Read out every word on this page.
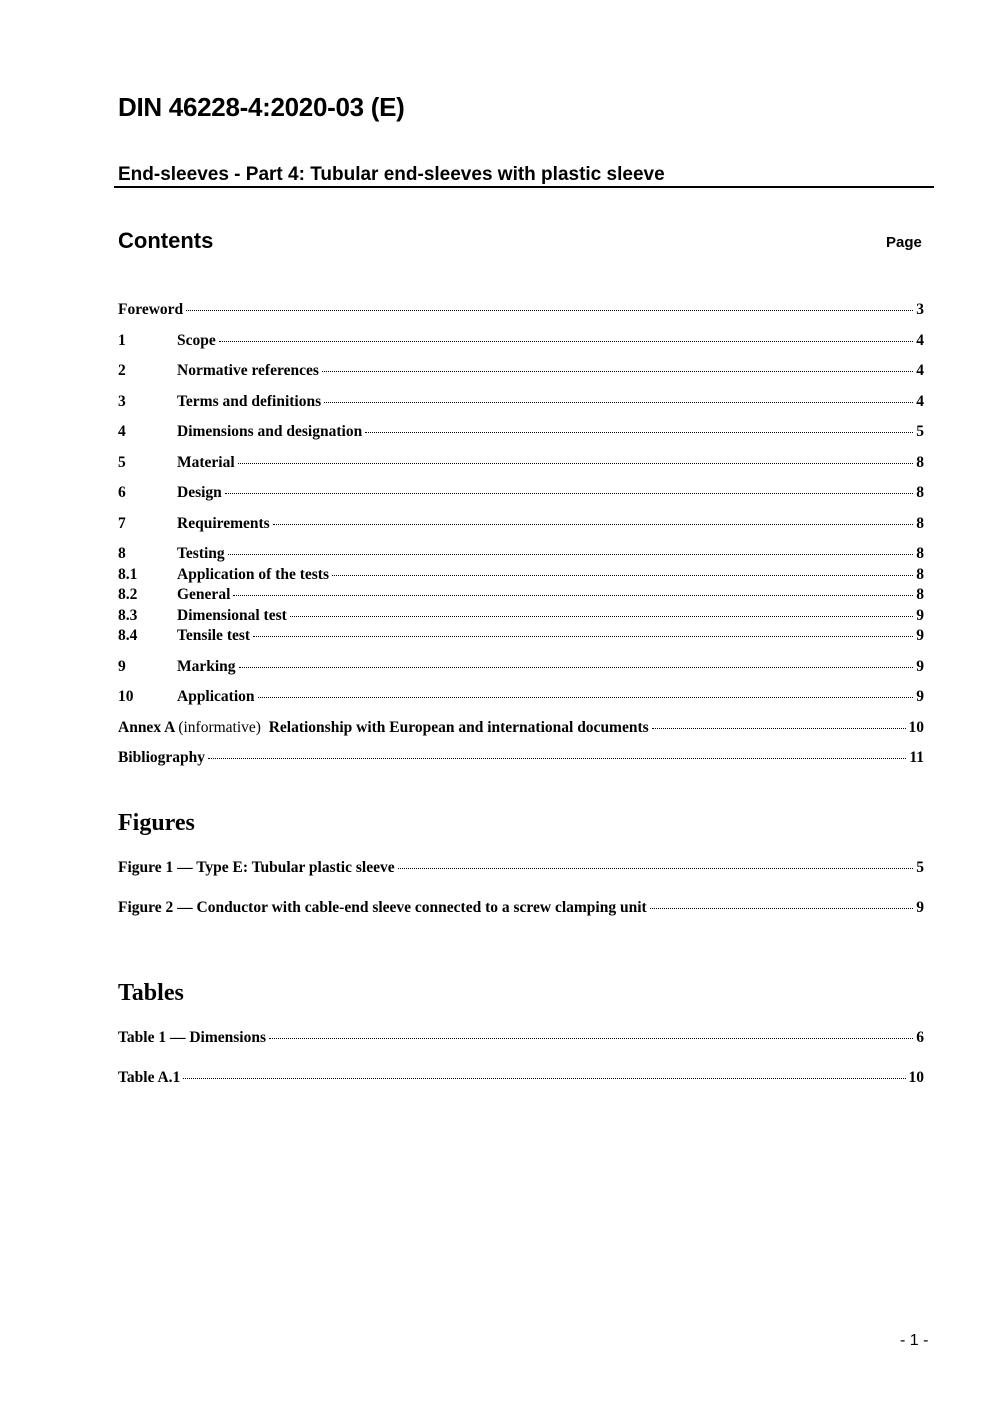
DIN 46228-4:2020-03 (E)
End-sleeves - Part 4: Tubular end-sleeves with plastic sleeve
Contents	Page
Foreword	3
1	Scope	4
2	Normative references	4
3	Terms and definitions	4
4	Dimensions and designation	5
5	Material	8
6	Design	8
7	Requirements	8
8	Testing	8
8.1	Application of the tests	8
8.2	General	8
8.3	Dimensional test	9
8.4	Tensile test	9
9	Marking	9
10	Application	9
Annex A (informative)  Relationship with European and international documents	10
Bibliography	11
Figures
Figure 1 — Type E: Tubular plastic sleeve	5
Figure 2 — Conductor with cable-end sleeve connected to a screw clamping unit	9
Tables
Table 1 — Dimensions	6
Table A.1	10
- 1 -
